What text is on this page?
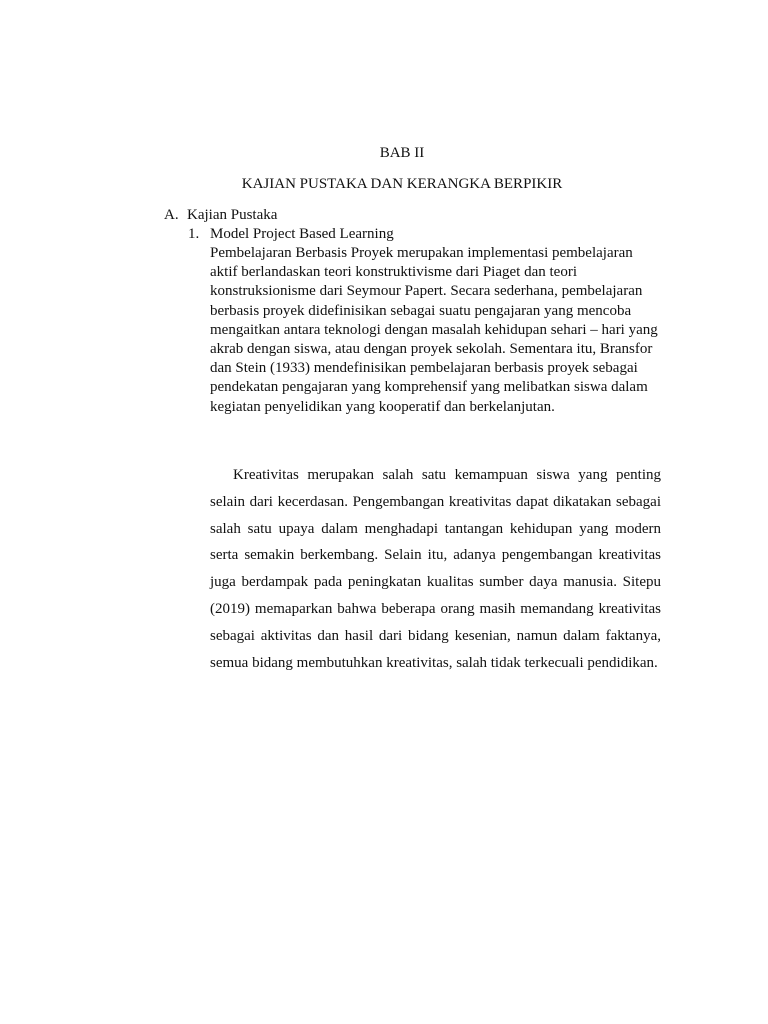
BAB II
KAJIAN PUSTAKA DAN KERANGKA BERPIKIR
A. Kajian Pustaka
1. Model Project Based Learning

Pembelajaran Berbasis Proyek merupakan implementasi pembelajaran
aktif berlandaskan teori konstruktivisme dari Piaget dan teori
konstruksionisme dari Seymour Papert. Secara sederhana, pembelajaran
berbasis proyek didefinisikan sebagai suatu pengajaran yang mencoba
mengaitkan antara teknologi dengan masalah kehidupan sehari – hari yang
akrab dengan siswa, atau dengan proyek sekolah. Sementara itu, Bransfor
dan Stein (1933) mendefinisikan pembelajaran berbasis proyek sebagai
pendekatan pengajaran yang komprehensif yang melibatkan siswa dalam
kegiatan penyelidikan yang kooperatif dan berkelanjutan.

Kreativitas merupakan salah satu kemampuan siswa yang penting selain dari kecerdasan. Pengembangan kreativitas dapat dikatakan sebagai salah satu upaya dalam menghadapi tantangan kehidupan yang modern serta semakin berkembang. Selain itu, adanya pengembangan kreativitas juga berdampak pada peningkatan kualitas sumber daya manusia. Sitepu (2019) memaparkan bahwa beberapa orang masih memandang kreativitas sebagai aktivitas dan hasil dari bidang kesenian, namun dalam faktanya, semua bidang membutuhkan kreativitas, salah tidak terkecuali pendidikan.
